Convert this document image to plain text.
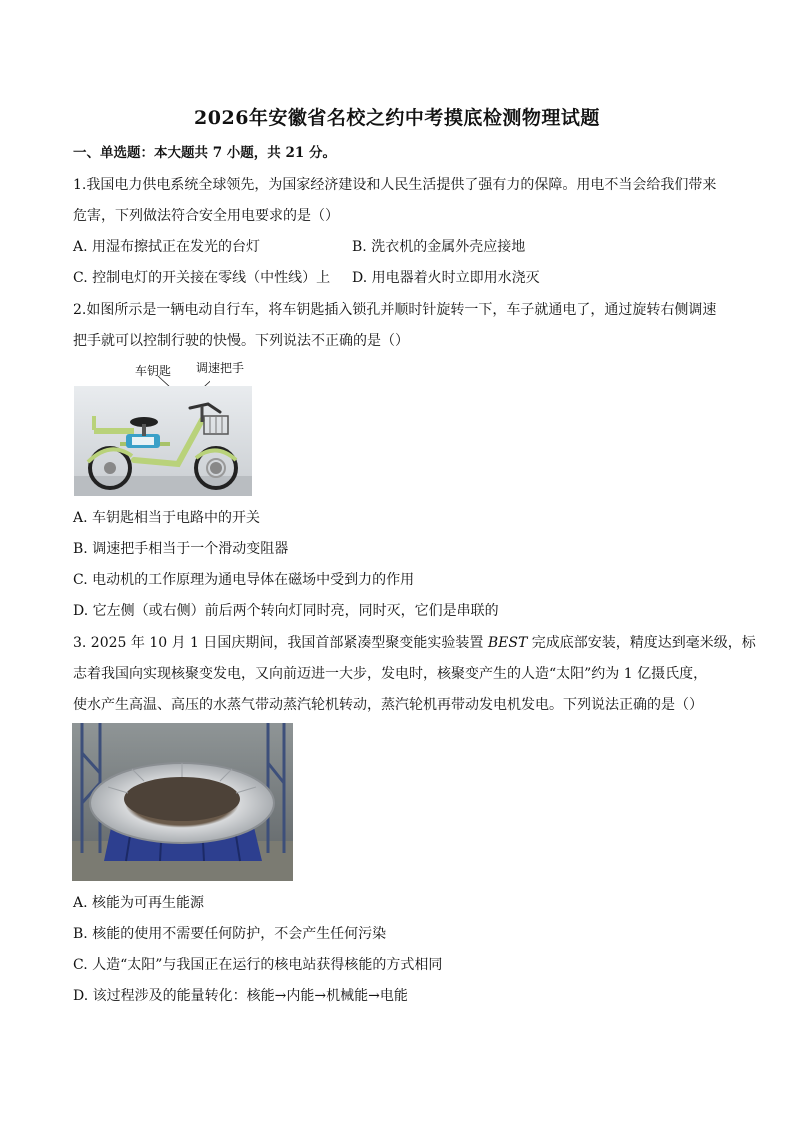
2026年安徽省名校之约中考摸底检测物理试题
一、单选题：本大题共 7 小题，共 21 分。
1.我国电力供电系统全球领先，为国家经济建设和人民生活提供了强有力的保障。用电不当会给我们带来
危害，下列做法符合安全用电要求的是（）
A. 用湿布擦拭正在发光的台灯	B. 洗衣机的金属外壳应接地
C. 控制电灯的开关接在零线（中性线）上 D. 用电器着火时立即用水浇灭
2.如图所示是一辆电动自行车，将车钥匙插入锁孔并顺时针旋转一下，车子就通电了，通过旋转右侧调速
把手就可以控制行驶的快慢。下列说法不正确的是（）
车钥匙 调速把手
A. 车钥匙相当于电路中的开关
B. 调速把手相当于一个滑动变阻器
C. 电动机的工作原理为通电导体在磁场中受到力的作用
D. 它左侧（或右侧）前后两个转向灯同时亮，同时灭，它们是串联的
3. 2025 年 10 月 1 日国庆期间，我国首部紧凑型聚变能实验装置 BEST 完成底部安装，精度达到毫米级，标
志着我国向实现核聚变发电，又向前迈进一大步，发电时，核聚变产生的人造“太阳”约为 1 亿摄氏度，
使水产生高温、高压的水蒸气带动蒸汽轮机转动，蒸汽轮机再带动发电机发电。下列说法正确的是（）
A. 核能为可再生能源
B. 核能的使用不需要任何防护，不会产生任何污染
C. 人造“太阳”与我国正在运行的核电站获得核能的方式相同
D. 该过程涉及的能量转化：核能→内能→机械能→电能
